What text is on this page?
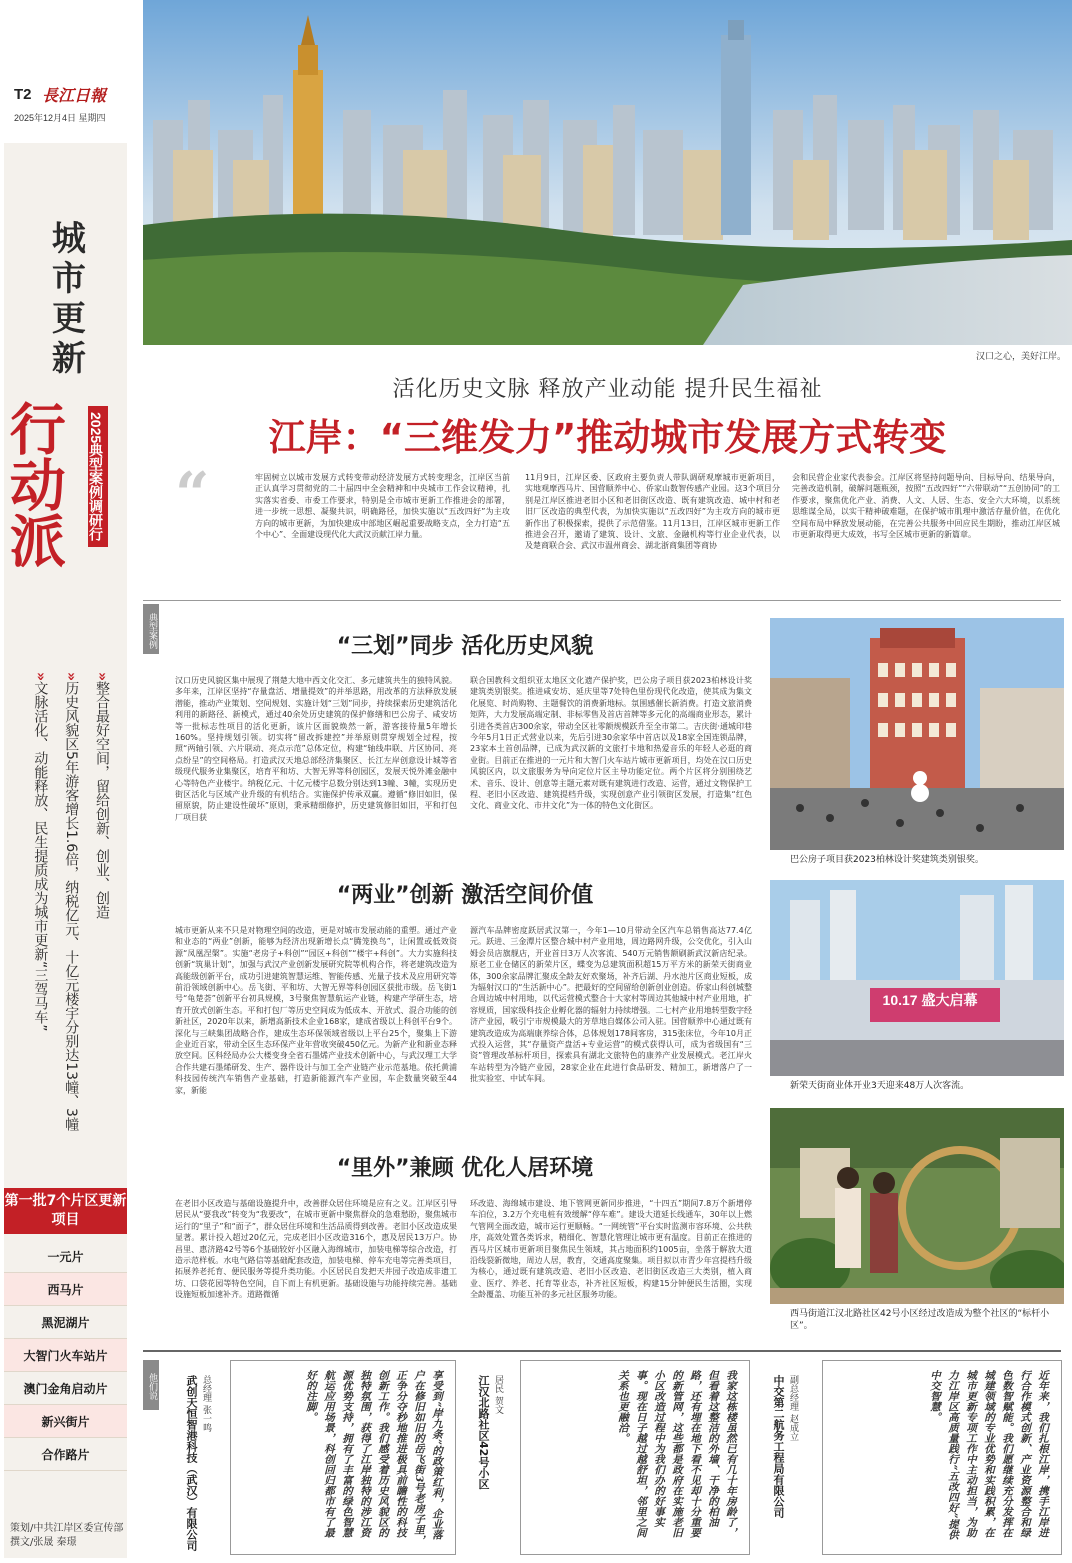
T2 長江日報
2025年12月4日 星期四
城市更新
行动派	2025典型案例调研行
»整合最好空间，留给创新、创业、创造
»历史风貌区5年游客增长1.6倍，纳税亿元、十亿元楼宇分别达13幢、3幢
»文脉活化、动能释放、民生提质成为城市更新“三驾马车”
第一批7个片区更新项目
一元片
西马片
黑泥湖片
大智门火车站片
澳门金角启动片
新兴街片
合作路片
策划/中共江岸区委宣传部
撰文/张晟 秦璟
汉口之心，美好江岸。
活化历史文脉 释放产业动能 提升民生福祉
江岸：“三维发力”推动城市发展方式转变
“	牢固树立以城市发展方式转变带动经济发展方式转变理念，江岸区当前正认真学习贯彻党的二十届四中全会精神和中央城市工作会议精神，扎实落实省委、市委工作要求，特别是全市城市更新工作推进会的部署，进一步统一思想、凝聚共识，明确路径，加快实施以“五改四好”为主攻方向的城市更新，为加快建成中部地区崛起重要战略支点，全力打造“五个中心”、全面建设现代化大武汉贡献江岸力量。
11月9日，江岸区委、区政府主要负责人带队调研观摩城市更新项目，实地观摩西马片、国营顺养中心、侨家山数智传感产业园。这3个项目分别是江岸区推进老旧小区和老旧街区改造、既有建筑改造、城中村和老旧厂区改造的典型代表，为加快实施以“五改四好”为主攻方向的城市更新作出了积极探索，提供了示范借鉴。11月13日，江岸区城市更新工作推进会召开，邀请了建筑、设计、文旅、金融机构等行业企业代表，以及楚商联合会、武汉市温州商会、湖北浙商集团等商协
会和民营企业家代表参会。江岸区将坚持问题导向、目标导向、结果导向，完善改造机制，破解问题瓶颈，按照“五改四好”“六带联动”“五创协同”的工作要求，聚焦优化产业、消费、人文、人居、生态、安全六大环境，以系统思维谋全局，以实干精神破难题，在保护城市肌理中激活存量价值，在优化空间布局中释放发展动能，在完善公共服务中回应民生期盼，推动江岸区城市更新取得更大成效，书写全区城市更新的新篇章。
典型案例	“三划”同步 活化历史风貌
汉口历史风貌区集中展现了荆楚大地中西文化交汇、多元建筑共生的独特风貌。多年来，江岸区坚持“存量盘活、增量提效”的并举思路，用改革的方法释放发展潜能，推动产业策划、空间规划、实施计划“三划”同步，持续探索历史建筑活化利用的新路径、新模式，通过40余处历史建筑的保护修缮和巴公房子、咸安坊等一批标志性项目的活化更新，该片区面貌焕然一新，游客接待量5年增长160%。坚持规划引领。切实将“留改拆建控”并举原则贯穿规划全过程，按照“两轴引领、六片联动、亮点示范”总体定位，构建“轴线串联、片区协同、亮点纷呈”的空间格局。打造武汉天地总部经济集聚区、长江左岸创意设计城等省级现代服务业集聚区，培育平和坊、大智无界等科创园区，发展天悦外滩金融中心等特色产业楼宇。纳税亿元、十亿元楼宇总数分别达到13幢、3幢，实现历史街区活化与区域产业升级的有机结合。实施保护传承双赢。遵循“修旧如旧，保留原貌，防止建设性破坏”原则，秉承精细修护，历史建筑修旧如旧，平和打包厂项目获
联合国教科文组织亚太地区文化遗产保护奖，巴公房子项目获2023柏林设计奖建筑类别银奖。推进咸安坊、延庆里等7处特色里份现代化改造，使其成为集文化展览、时尚购物、主题餐饮的消费新地标。氛围感催长新消费。打造文旅消费矩阵，大力发展高端定制、非标零售及首店首牌等多元化的高端商业形态，累计引进各类首店300余家，带动全区社零额规模跃升至全市第二。吉庆街·通城印巷今年5月1日正式营业以来，先后引进30余家华中首店以及18家全国连锁品牌，23家本土首创品牌，已成为武汉新的文旅打卡地和热爱音乐的年轻人必逛的商业街。目前正在推进的一元片和大智门火车站片城市更新项目，均处在汉口历史风貌区内，以文旅服务为导向定位片区主导功能定位。两个片区将分别围绕艺术、音乐、设计、创意等主题元素对既有建筑进行改造、运营，通过文物保护工程、老旧小区改造、建筑提档升级，实现创意产业引领街区发展，打造集“红色文化、商业文化、市井文化”为一体的特色文化街区。
“两业”创新 激活空间价值
城市更新从来不只是对物理空间的改造，更是对城市发展动能的重塑。通过产业和业态的“两业”创新，能够为经济出现新增长点“腾笼换鸟”，让闲置或低效资源“凤凰涅槃”。实施“老房子+科创”“园区+科创”“楼宇+科创”。大力实施科技创新“筑巢计划”，加强与武汉产业创新发展研究院等机构合作，将老建筑改造为高能级创新平台，成功引进建筑智慧运维、智能传感、光量子技术及应用研究等前沿领域创新中心。岳飞街、平和坊、大智无界等科创园区获批市级。岳飞街1号“龟楚荟”创新平台初具规模，3号聚焦智慧航运产业链，构建产学研生态，培育开放式创新生态。平和打包厂等历史空间成为低成本、开放式、混合功能的创新社区，2020年以来，新增高新技术企业168家，建成省级以上科创平台9个。深化与三峡集团战略合作，建成生态环保领域省级以上平台25个，聚集上下游企业近百家，带动全区生态环保产业年营收突破450亿元。为新产业和新业态释放空间。区科经局办公大楼变身全省石墨烯产业技术创新中心，与武汉理工大学合作共建石墨烯研发、生产、器件设计与加工全产业链产业示范基地。依托黄浦科技园传统汽车销售产业基础，打造新能源汽车产业园，车企数量突破至44家，新能
源汽车品牌密度跃居武汉第一，今年1—10月带动全区汽车总销售高达77.4亿元。跃进、三金潭片区整合城中村产业用地，周边路网升级，公交优化，引入山姆会员店旗舰店，开业首日3万人次客流、540万元销售额刷新武汉新店纪录。原老工业仓储区的新荣片区，蝶变为总建筑面积超15万平方米的新荣天街商业体，300余家品牌汇聚成全龄友好欢聚场，补齐后湖、丹水池片区商业短板，成为辐射汉口的“生活新中心”。把最好的空间留给创新创业创造。侨家山科创城整合周边城中村用地，以代运营模式整合十大家村等周边其他城中村产业用地，扩容规质，国家级科技企业孵化器的辐射力持续增强。二七村产业用地转型数字经济产业园，吸引宁市规模最大的芳草地自媒体公司入驻。国营顺养中心通过既有建筑改造成为高端康养综合体，总体规划178间客房，315张床位，今年10月正式投入运营，其“存量资产盘活+专业运营”的模式获得认可，成为省级国有“三资”管理改革标杆项目，探索具有湖北文旅特色的康养产业发展模式。老江岸火车站转型为冷链产业园，28家企业在此进行食品研发、精加工，新增落户了一批实验室、中试车间。
“里外”兼顾 优化人居环境
在老旧小区改造与基础设施提升中，改善群众居住环境是应有之义。江岸区引导居民从“要我改”转变为“我要改”，在城市更新中聚焦群众的急难愁盼，聚焦城市运行的“里子”和“面子”，群众居住环境和生活品质得到改善。老旧小区改造成果显著。累计投入超过20亿元，完成老旧小区改造316个，惠及居民13万户。协昌里、惠济路42号等6个基础较好小区融入海绵城市，加装电梯等综合改造，打造示范样板。水电气路信等基础配套改造，加装电梯、停车充电等完善类项目，拓展养老托育、便民服务等提升类功能。小区居民自发把天井园子改造成非遗工坊、口袋花园等特色空间，自下而上有机更新。基础设施与功能持续完善。基础设施短板加速补齐。道路微循
环改造、海绵城市建设、地下管网更新同步推进，“十四五”期间7.8万个新增停车泊位，3.2万个充电桩有效缓解“停车难”。建设大道延长线通车，30年以上燃气管网全面改造，城市运行更顺畅。“一网统管”平台实时监测市容环境、公共秩序，高效处置各类诉求，精细化、智慧化管理让城市更有温度。目前正在推进的西马片区城市更新项目聚焦民生领域，其占地面积约1005亩，坐落于解放大道沿线裂新微地，周边人居，教育，交通高度聚集。项目拟以市青少年宫提档升级为核心，通过既有建筑改造、老旧小区改造、老旧街区改造三大类别，植入商业、医疗、养老、托育等业态，补齐社区短板，构建15分钟便民生活圈，实现全龄覆盖、功能互补的多元社区服务功能。
巴公房子项目获2023柏林设计奖建筑类别银奖。
10.17 盛大启幕
新荣天街商业体开业3天迎来48万人次客流。
西马街道江汉北路社区42号小区经过改造成为整个社区的“标杆小区”。
他们说	武创天恒智港科技（武汉）有限公司 总经理 张一鸣	享受到“岸九条”的政策红利，企业落户在修旧如旧的岳飞街3号老房子里，正争分夺秒地推进极具前瞻性的科技创新工作。我们感受着历史风貌区的独特氛围，获得了江岸独特的涉江资源优势支持，拥有了丰富的绿色智慧航运应用场景，科创回归都市有了最好的注脚。	江汉北路社区42号小区 居民 贺文	我家这栋楼虽然已有几十年房龄了，但看着这整洁的外墙、干净的柏油路，还有埋在地下看不见却十分重要的新管网，这些都是政府在实施老旧小区改造过程中为我们办的好事实事。现在日子越过越舒坦，邻里之间关系也更融洽。	中交第二航务工程局有限公司 副总经理 赵成立	近年来，我们扎根江岸，携手江岸进行合作模式创新、产业资源整合和绿色数智赋能。我们愿继续充分发挥在城建领域的专业优势和实践积累，在城市更新专项工作中主动担当，为助力江岸区高质量践行“五改四好”提供中交智慧。
